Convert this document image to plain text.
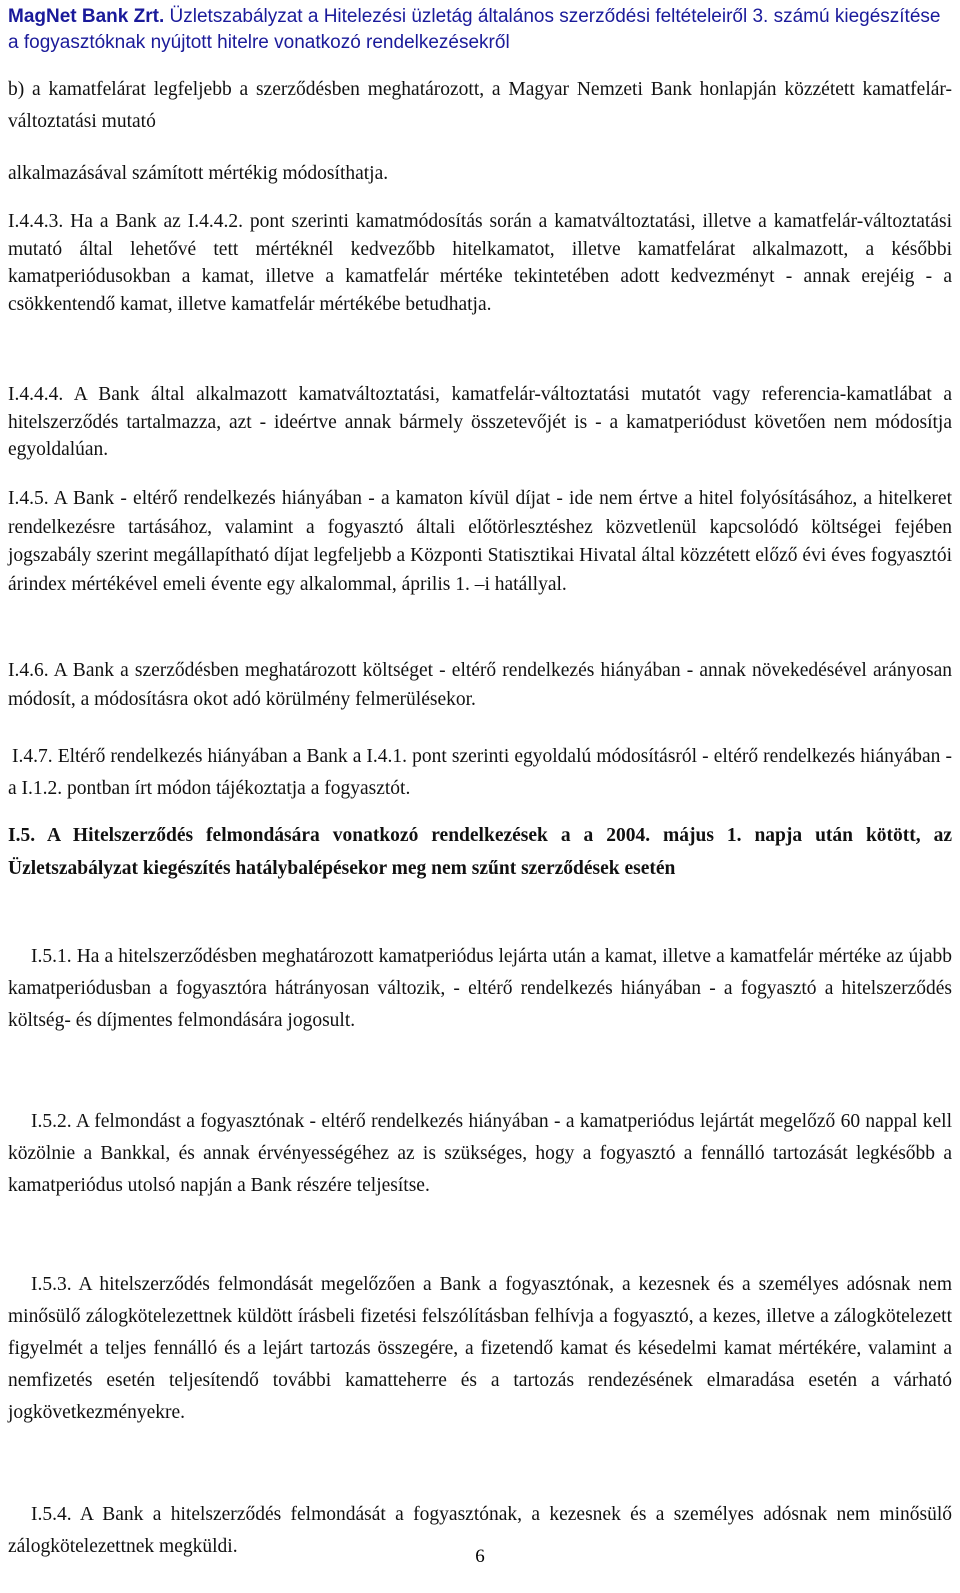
MagNet Bank Zrt. Üzletszabályzat a Hitelezési üzletág általános szerződési feltételeiről 3. számú kiegészítése a fogyasztóknak nyújtott hitelre vonatkozó rendelkezésekről

b) a kamatfelárat legfeljebb a szerződésben meghatározott, a Magyar Nemzeti Bank honlapján közzétett kamatfelár-változtatási mutató

alkalmazásával számított mértékig módosíthatja.

I.4.4.3. Ha a Bank az I.4.4.2. pont szerinti kamatmódosítás során a kamatváltoztatási, illetve a kamatfelár-változtatási mutató által lehetővé tett mértéknél kedvezőbb hitelkamatot, illetve kamatfelárat alkalmazott, a későbbi kamatperiódusokban a kamat, illetve a kamatfelár mértéke tekintetében adott kedvezményt - annak erejéig - a csökkentendő kamat, illetve kamatfelár mértékébe betudhatja.

I.4.4.4. A Bank által alkalmazott kamatváltoztatási, kamatfelár-változtatási mutatót vagy referencia-kamatlábat a hitelszerződés tartalmazza, azt - ideértve annak bármely összetevőjét is - a kamatperiódust követően nem módosítja egyoldalúan.

I.4.5. A Bank - eltérő rendelkezés hiányában - a kamaton kívül díjat - ide nem értve a hitel folyósításához, a hitelkeret rendelkezésre tartásához, valamint a fogyasztó általi előtörlesztéshez közvetlenül kapcsolódó költségei fejében jogszabály szerint megállapítható díjat legfeljebb a Központi Statisztikai Hivatal által közzétett előző évi éves fogyasztói árindex mértékével emeli évente egy alkalommal, április 1. –i hatállyal.

I.4.6. A Bank a szerződésben meghatározott költséget - eltérő rendelkezés hiányában - annak növekedésével arányosan módosít, a módosításra okot adó körülmény felmerülésekor.

I.4.7. Eltérő rendelkezés hiányában a Bank a I.4.1. pont szerinti egyoldalú módosításról - eltérő rendelkezés hiányában - a I.1.2. pontban írt módon tájékoztatja a fogyasztót.

I.5. A Hitelszerződés felmondására vonatkozó rendelkezések a a 2004. május 1. napja után kötött, az Üzletszabályzat kiegészítés hatálybalépésekor meg nem szűnt szerződések esetén

I.5.1. Ha a hitelszerződésben meghatározott kamatperiódus lejárta után a kamat, illetve a kamatfelár mértéke az újabb kamatperiódusban a fogyasztóra hátrányosan változik, - eltérő rendelkezés hiányában - a fogyasztó a hitelszerződés költség- és díjmentes felmondására jogosult.

I.5.2. A felmondást a fogyasztónak - eltérő rendelkezés hiányában - a kamatperiódus lejártát megelőző 60 nappal kell közölnie a Bankkal, és annak érvényességéhez az is szükséges, hogy a fogyasztó a fennálló tartozását legkésőbb a kamatperiódus utolsó napján a Bank részére teljesítse.

I.5.3. A hitelszerződés felmondását megelőzően a Bank a fogyasztónak, a kezesnek és a személyes adósnak nem minősülő zálogkötelezettnek küldött írásbeli fizetési felszólításban felhívja a fogyasztó, a kezes, illetve a zálogkötelezett figyelmét a teljes fennálló és a lejárt tartozás összegére, a fizetendő kamat és késedelmi kamat mértékére, valamint a nemfizetés esetén teljesítendő további kamatteherre és a tartozás rendezésének elmaradása esetén a várható jogkövetkezményekre.

I.5.4. A Bank a hitelszerződés felmondását a fogyasztónak, a kezesnek és a személyes adósnak nem minősülő zálogkötelezettnek megküldi.	6
